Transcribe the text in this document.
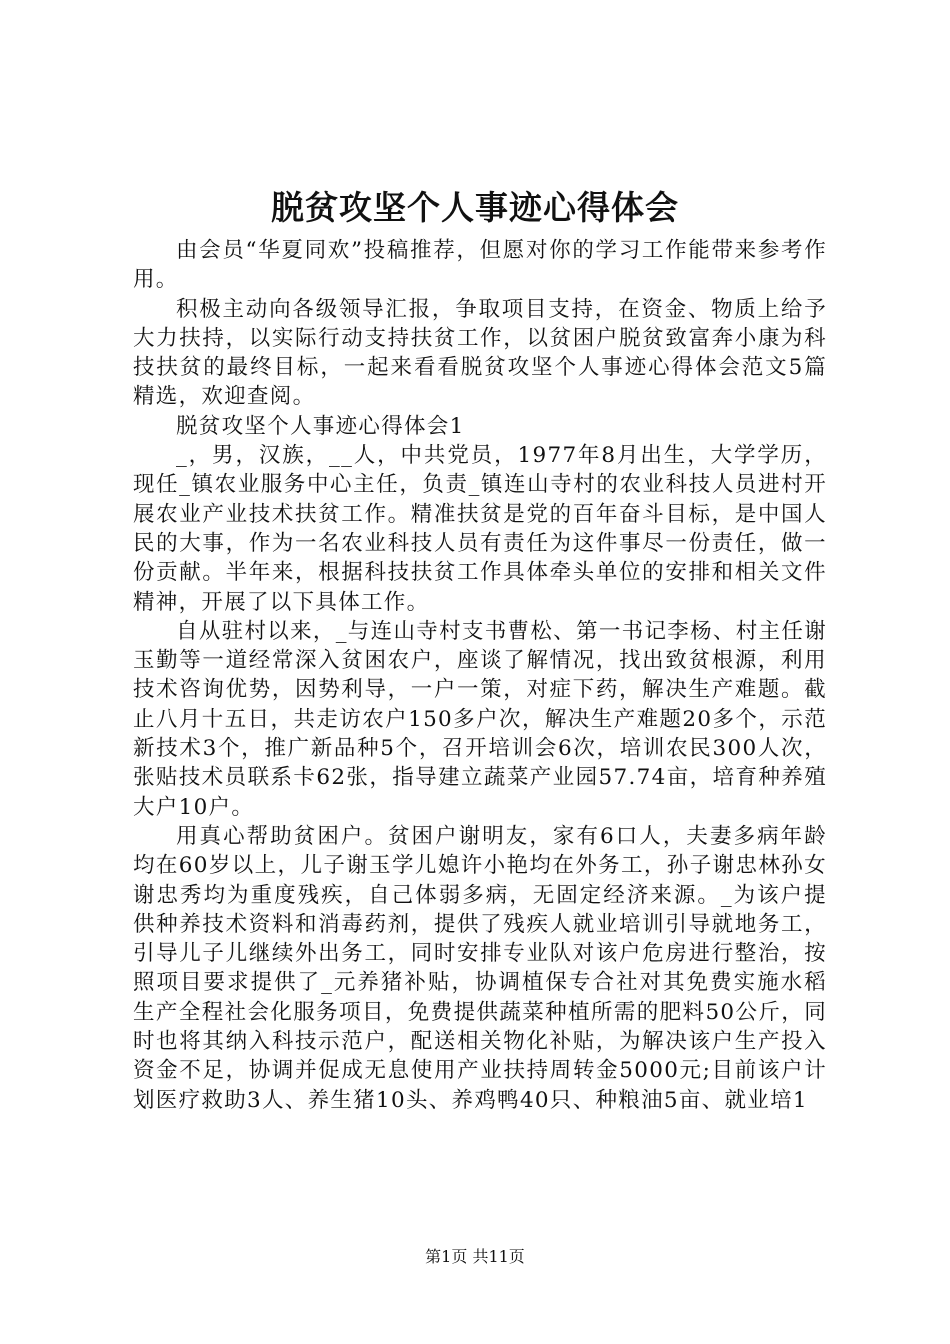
脱贫攻坚个人事迹心得体会

由会员“华夏同欢”投稿推荐，但愿对你的学习工作能带来参考作用。

积极主动向各级领导汇报，争取项目支持，在资金、物质上给予大力扶持，以实际行动支持扶贫工作，以贫困户脱贫致富奔小康为科技扶贫的最终目标，一起来看看脱贫攻坚个人事迹心得体会范文5篇精选，欢迎查阅。

脱贫攻坚个人事迹心得体会1

_，男，汉族，__人，中共党员，1977年8月出生，大学学历，现任_镇农业服务中心主任，负责_镇连山寺村的农业科技人员进村开展农业产业技术扶贫工作。精准扶贫是党的百年奋斗目标，是中国人民的大事，作为一名农业科技人员有责任为这件事尽一份责任，做一份贡献。半年来，根据科技扶贫工作具体牵头单位的安排和相关文件精神，开展了以下具体工作。

自从驻村以来，_与连山寺村支书曹松、第一书记李杨、村主任谢玉勤等一道经常深入贫困农户，座谈了解情况，找出致贫根源，利用技术咨询优势，因势利导，一户一策，对症下药，解决生产难题。截止八月十五日，共走访农户150多户次，解决生产难题20多个，示范新技术3个，推广新品种5个，召开培训会6次，培训农民300人次，张贴技术员联系卡62张，指导建立蔬菜产业园57.74亩，培育种养殖大户10户。

用真心帮助贫困户。贫困户谢明友，家有6口人，夫妻多病年龄均在60岁以上，儿子谢玉学儿媳许小艳均在外务工，孙子谢忠林孙女谢忠秀均为重度残疾，自己体弱多病，无固定经济来源。_为该户提供种养技术资料和消毒药剂，提供了残疾人就业培训引导就地务工，引导儿子儿继续外出务工，同时安排专业队对该户危房进行整治，按照项目要求提供了_元养猪补贴，协调植保专合社对其免费实施水稻生产全程社会化服务项目，免费提供蔬菜种植所需的肥料50公斤，同时也将其纳入科技示范户，配送相关物化补贴，为解决该户生产投入资金不足，协调并促成无息使用产业扶持周转金5000元;目前该户计划医疗救助3人、养生猪10头、养鸡鸭40只、种粮油5亩、就业培1

第1页 共11页
